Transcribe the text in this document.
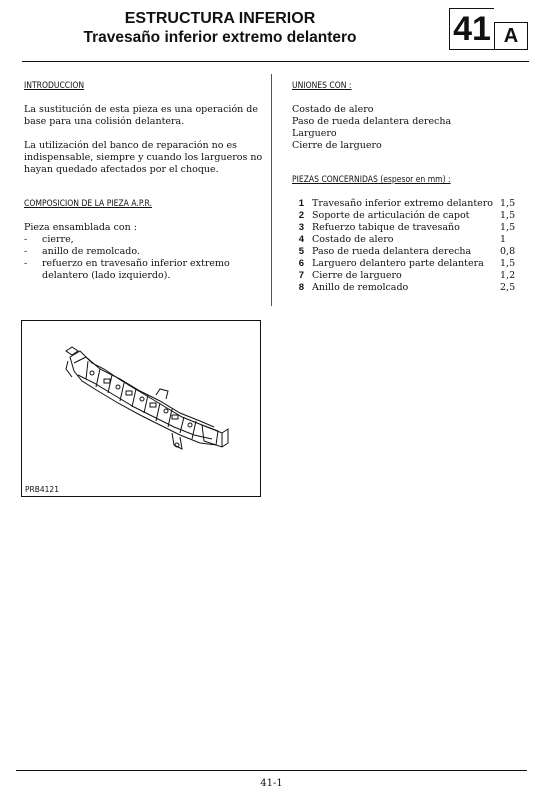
ESTRUCTURA INFERIOR
Travesaño inferior extremo delantero	41 A
INTRODUCCION

La sustitución de esta pieza es una operación de base para una colisión delantera.

La utilización del banco de reparación no es indispensable, siempre y cuando los largueros no hayan quedado afectados por el choque.

COMPOSICION DE LA PIEZA A.P.R.

Pieza ensamblada con :

-	cierre,
-	anillo de remolcado.
-	refuerzo en travesaño inferior extremo delantero (lado izquierdo).
UNIONES CON :
Costado de alero
Paso de rueda delantera derecha
Larguero
Cierre de larguero
PIEZAS CONCERNIDAS (espesor en mm) :
1 Travesaño inferior extremo delantero 1,5
2 Soporte de articulación de capot	1,5
3 Refuerzo tabique de travesaño	1,5
4 Costado de alero	1
5 Paso de rueda delantera derecha	0,8
6 Larguero delantero parte delantera	1,5
7 Cierre de larguero	1,2
8 Anillo de remolcado	2,5
PRB4121
41-1
